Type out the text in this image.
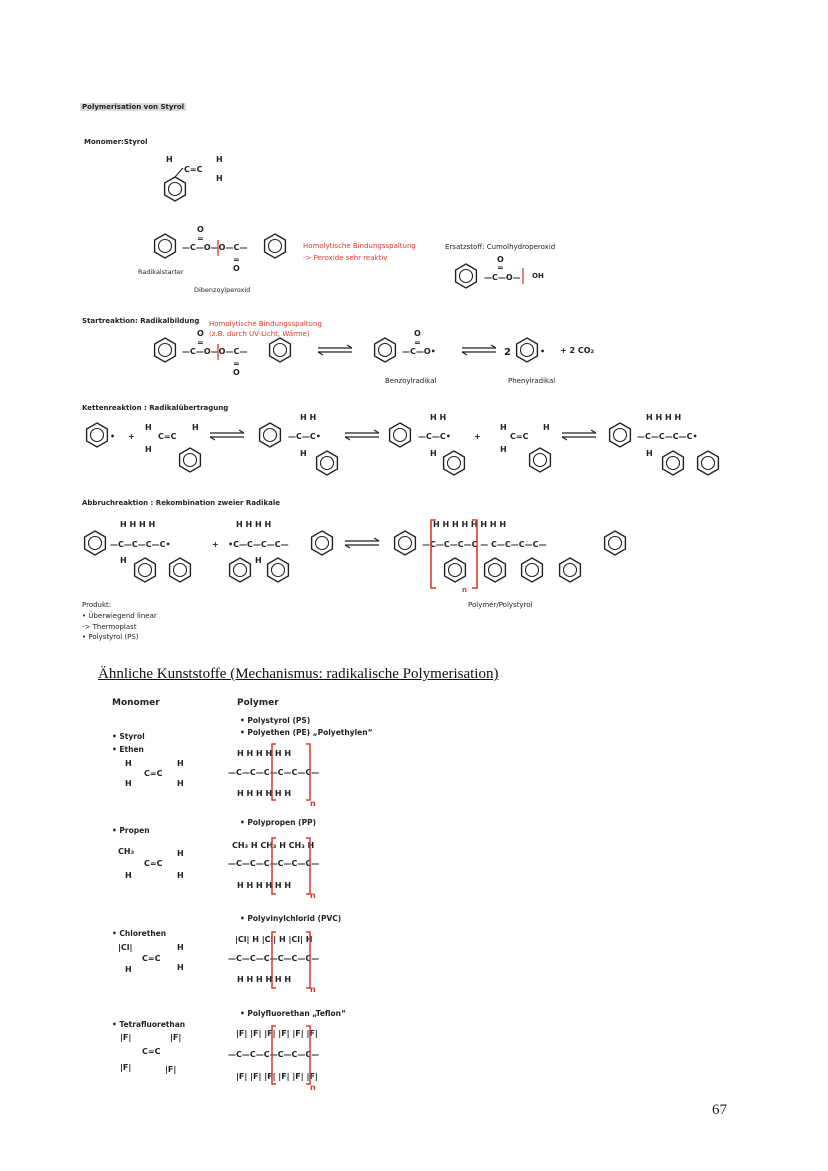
Polymerisation von Styrol
Monomer:Styrol
Radikalstarter
Dibenzoylperoxid
Homolytische Bindungsspaltung
-> Peroxide sehr reaktiv
Ersatzstoff: Cumolhydroperoxid
OH
Startreaktion: Radikalbildung Homolytische Bindungsspaltung
(z.B. durch UV-Licht, Wärme)
Benzoylradikal	Phenylradikal
+ 2 CO₂
Kettenreaktion : Radikalübertragung
Abbruchreaktion : Rekombination zweier Radikale
Produkt:
• Überwiegend linear
-> Thermoplast
• Polystyrol (PS)
Polymer/Polystyrol
n
Ähnliche Kunststoffe (Mechanismus: radikalische Polymerisation)
Monomer	Polymer
• Styrol
• Ethen
• Polystyrol (PS)
• Polyethen (PE) „Polyethylen“
• Propen
• Polypropen (PP)
• Chlorethen
• Polyvinylchlorid (PVC)
• Tetrafluorethan
• Polyfluorethan „Teflon“
67
H
C=C
H
H
—C—O—O—C—
O
=
=
O
—C—O—
O
=
—C—O—O—C—
O
=
=
O
—C—O•
O
=
2	•
• +
H
C=C
H
H
H H
—C—C•
H
H H
—C—C•
H
+
H
C=C
H
H
H H H H
—C—C—C—C•
H
H H H H
—C—C—C—C•
H
+
H H H H
•C—C—C—C—
H
H H H H H H H H
—C—C—C—C — C—C—C—C—
H
C=C
H
H	H
CH₃
C=C
H
H	H
|Cl|
C=C
H
H	H
|F|
C=C
|F|
|F|	|F|
H H H H H H
—C—C—C—C—C—C—
H H H H H H
n
CH₃ H CH₃ H CH₃ H
—C—C—C—C—C—C—
H H H H H H
n
|Cl| H |Cl| H |Cl| H
—C—C—C—C—C—C—
H H H H H H
n
|F| |F| |F| |F| |F| |F|
—C—C—C—C—C—C—
|F| |F| |F| |F| |F| |F|
n
